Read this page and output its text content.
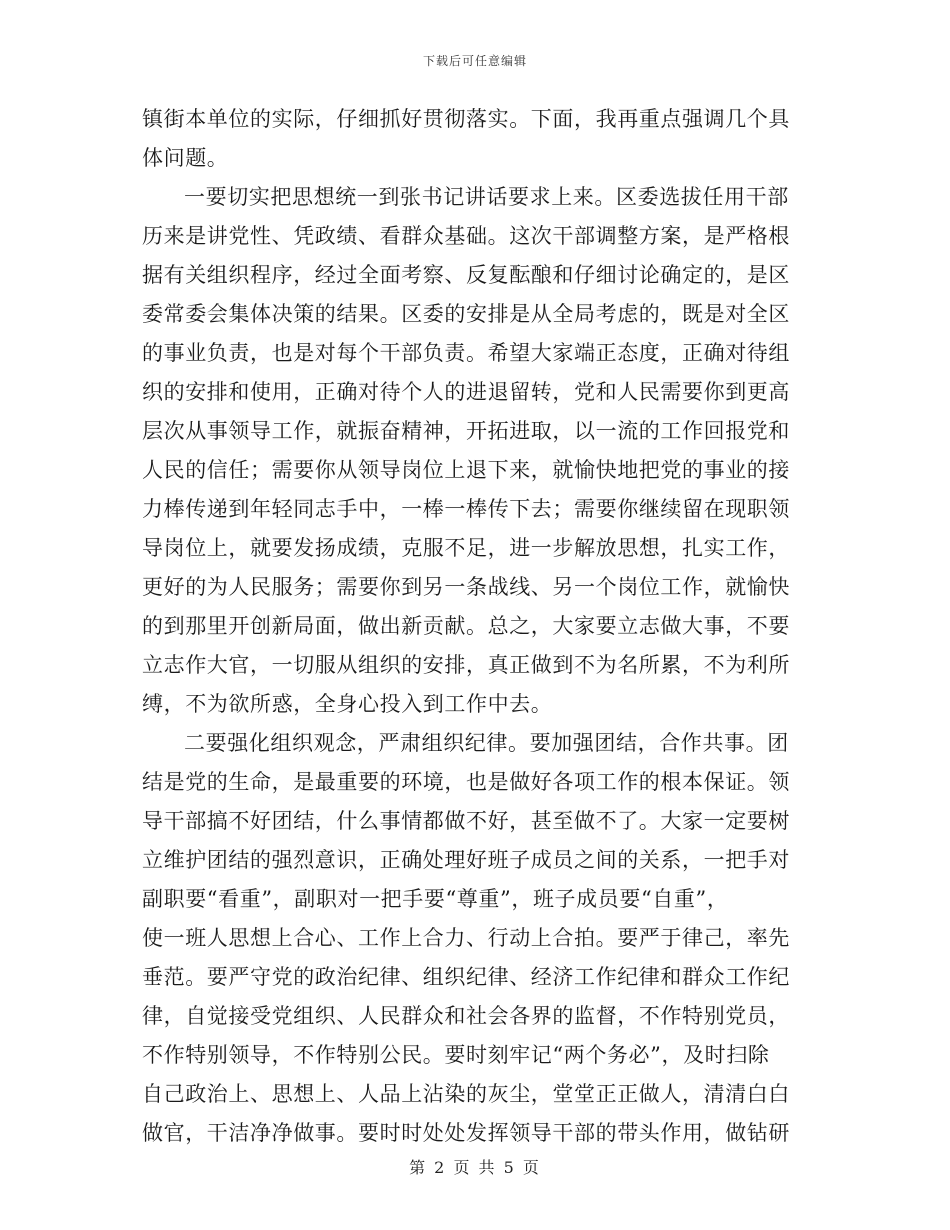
下载后可任意编辑
镇街本单位的实际，仔细抓好贯彻落实。下面，我再重点强调几个具
体问题。
一要切实把思想统一到张书记讲话要求上来。区委选拔任用干部
历来是讲党性、凭政绩、看群众基础。这次干部调整方案，是严格根
据有关组织程序，经过全面考察、反复酝酿和仔细讨论确定的，是区
委常委会集体决策的结果。区委的安排是从全局考虑的，既是对全区
的事业负责，也是对每个干部负责。希望大家端正态度，正确对待组
织的安排和使用，正确对待个人的进退留转，党和人民需要你到更高
层次从事领导工作，就振奋精神，开拓进取，以一流的工作回报党和
人民的信任；需要你从领导岗位上退下来，就愉快地把党的事业的接
力棒传递到年轻同志手中，一棒一棒传下去；需要你继续留在现职领
导岗位上，就要发扬成绩，克服不足，进一步解放思想，扎实工作，
更好的为人民服务；需要你到另一条战线、另一个岗位工作，就愉快
的到那里开创新局面，做出新贡献。总之，大家要立志做大事，不要
立志作大官，一切服从组织的安排，真正做到不为名所累，不为利所
缚，不为欲所惑，全身心投入到工作中去。
二要强化组织观念，严肃组织纪律。要加强团结，合作共事。团
结是党的生命，是最重要的环境，也是做好各项工作的根本保证。领
导干部搞不好团结，什么事情都做不好，甚至做不了。大家一定要树
立维护团结的强烈意识，正确处理好班子成员之间的关系，一把手对
副职要“看重”，副职对一把手要“尊重”，班子成员要“自重”，
使一班人思想上合心、工作上合力、行动上合拍。要严于律己，率先
垂范。要严守党的政治纪律、组织纪律、经济工作纪律和群众工作纪
律，自觉接受党组织、人民群众和社会各界的监督，不作特别党员，
不作特别领导，不作特别公民。要时刻牢记“两个务必”，及时扫除
自己政治上、思想上、人品上沾染的灰尘，堂堂正正做人，清清白白
做官，干洁净净做事。要时时处处发挥领导干部的带头作用，做钻研
第 2 页 共 5 页
